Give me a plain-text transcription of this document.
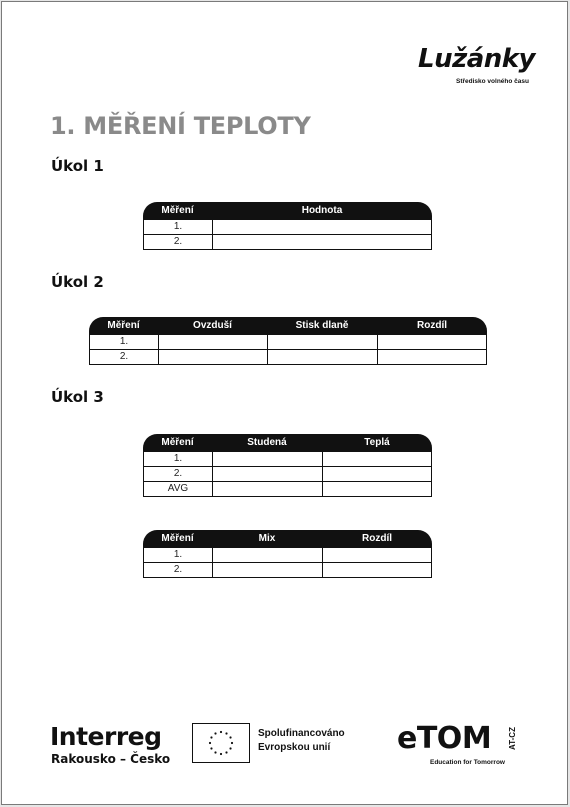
Lužánky
Středisko volného času
1. MĚŘENÍ TEPLOTY
Úkol 1
Měření	Hodnota
1.
2.
Úkol 2
Měření	Ovzduší	Stisk dlaně	Rozdíl
1.
2.
Úkol 3
Měření	Studená	Teplá
1.
2.
AVG
Měření	Mix	Rozdíl
1.
2.
Interreg
Rakousko – Česko
Spolufinancováno
Evropskou unií	eTOM AT-CZ
Education for Tomorrow
